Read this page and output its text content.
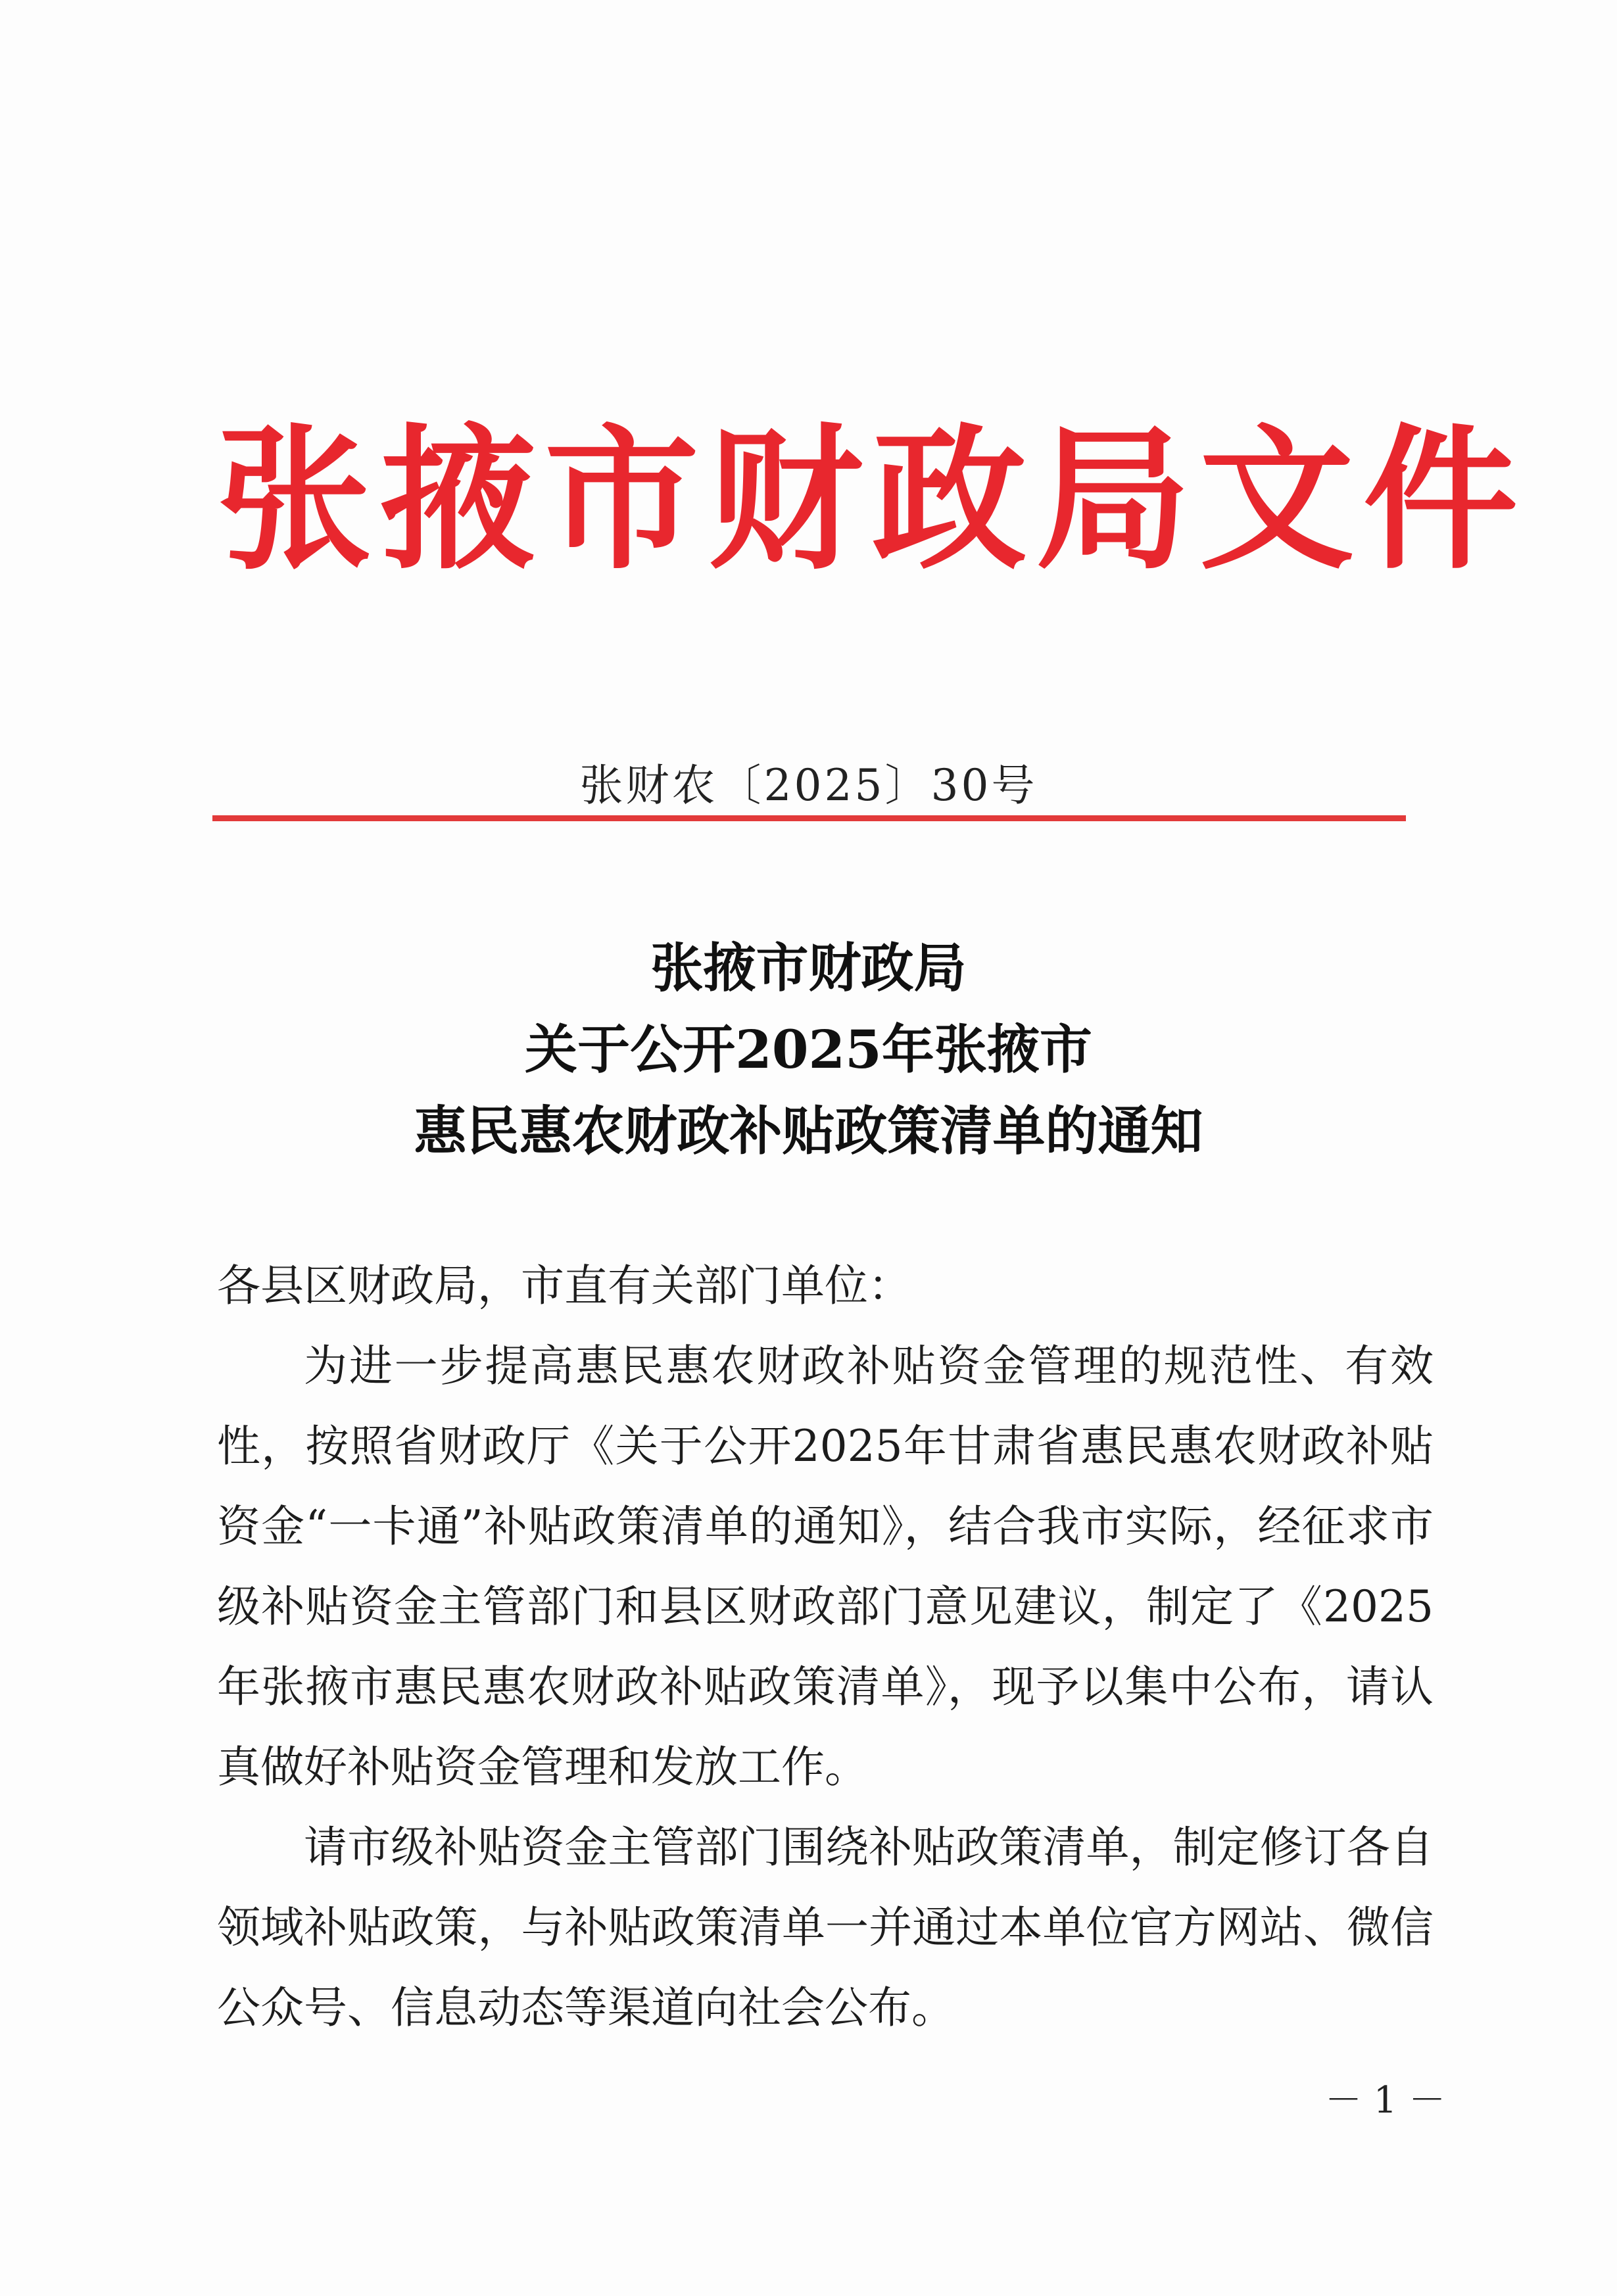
张掖市财政局文件
张财农〔2025〕30号
张掖市财政局
关于公开2025年张掖市
惠民惠农财政补贴政策清单的通知

各县区财政局，市直有关部门单位：

为进一步提高惠民惠农财政补贴资金管理的规范性、有效性，按照省财政厅《关于公开2025年甘肃省惠民惠农财政补贴资金“一卡通”补贴政策清单的通知》，结合我市实际，经征求市级补贴资金主管部门和县区财政部门意见建议，制定了《2025年张掖市惠民惠农财政补贴政策清单》，现予以集中公布，请认真做好补贴资金管理和发放工作。

请市级补贴资金主管部门围绕补贴政策清单，制定修订各自领域补贴政策，与补贴政策清单一并通过本单位官方网站、微信公众号、信息动态等渠道向社会公布。

－ 1 －
